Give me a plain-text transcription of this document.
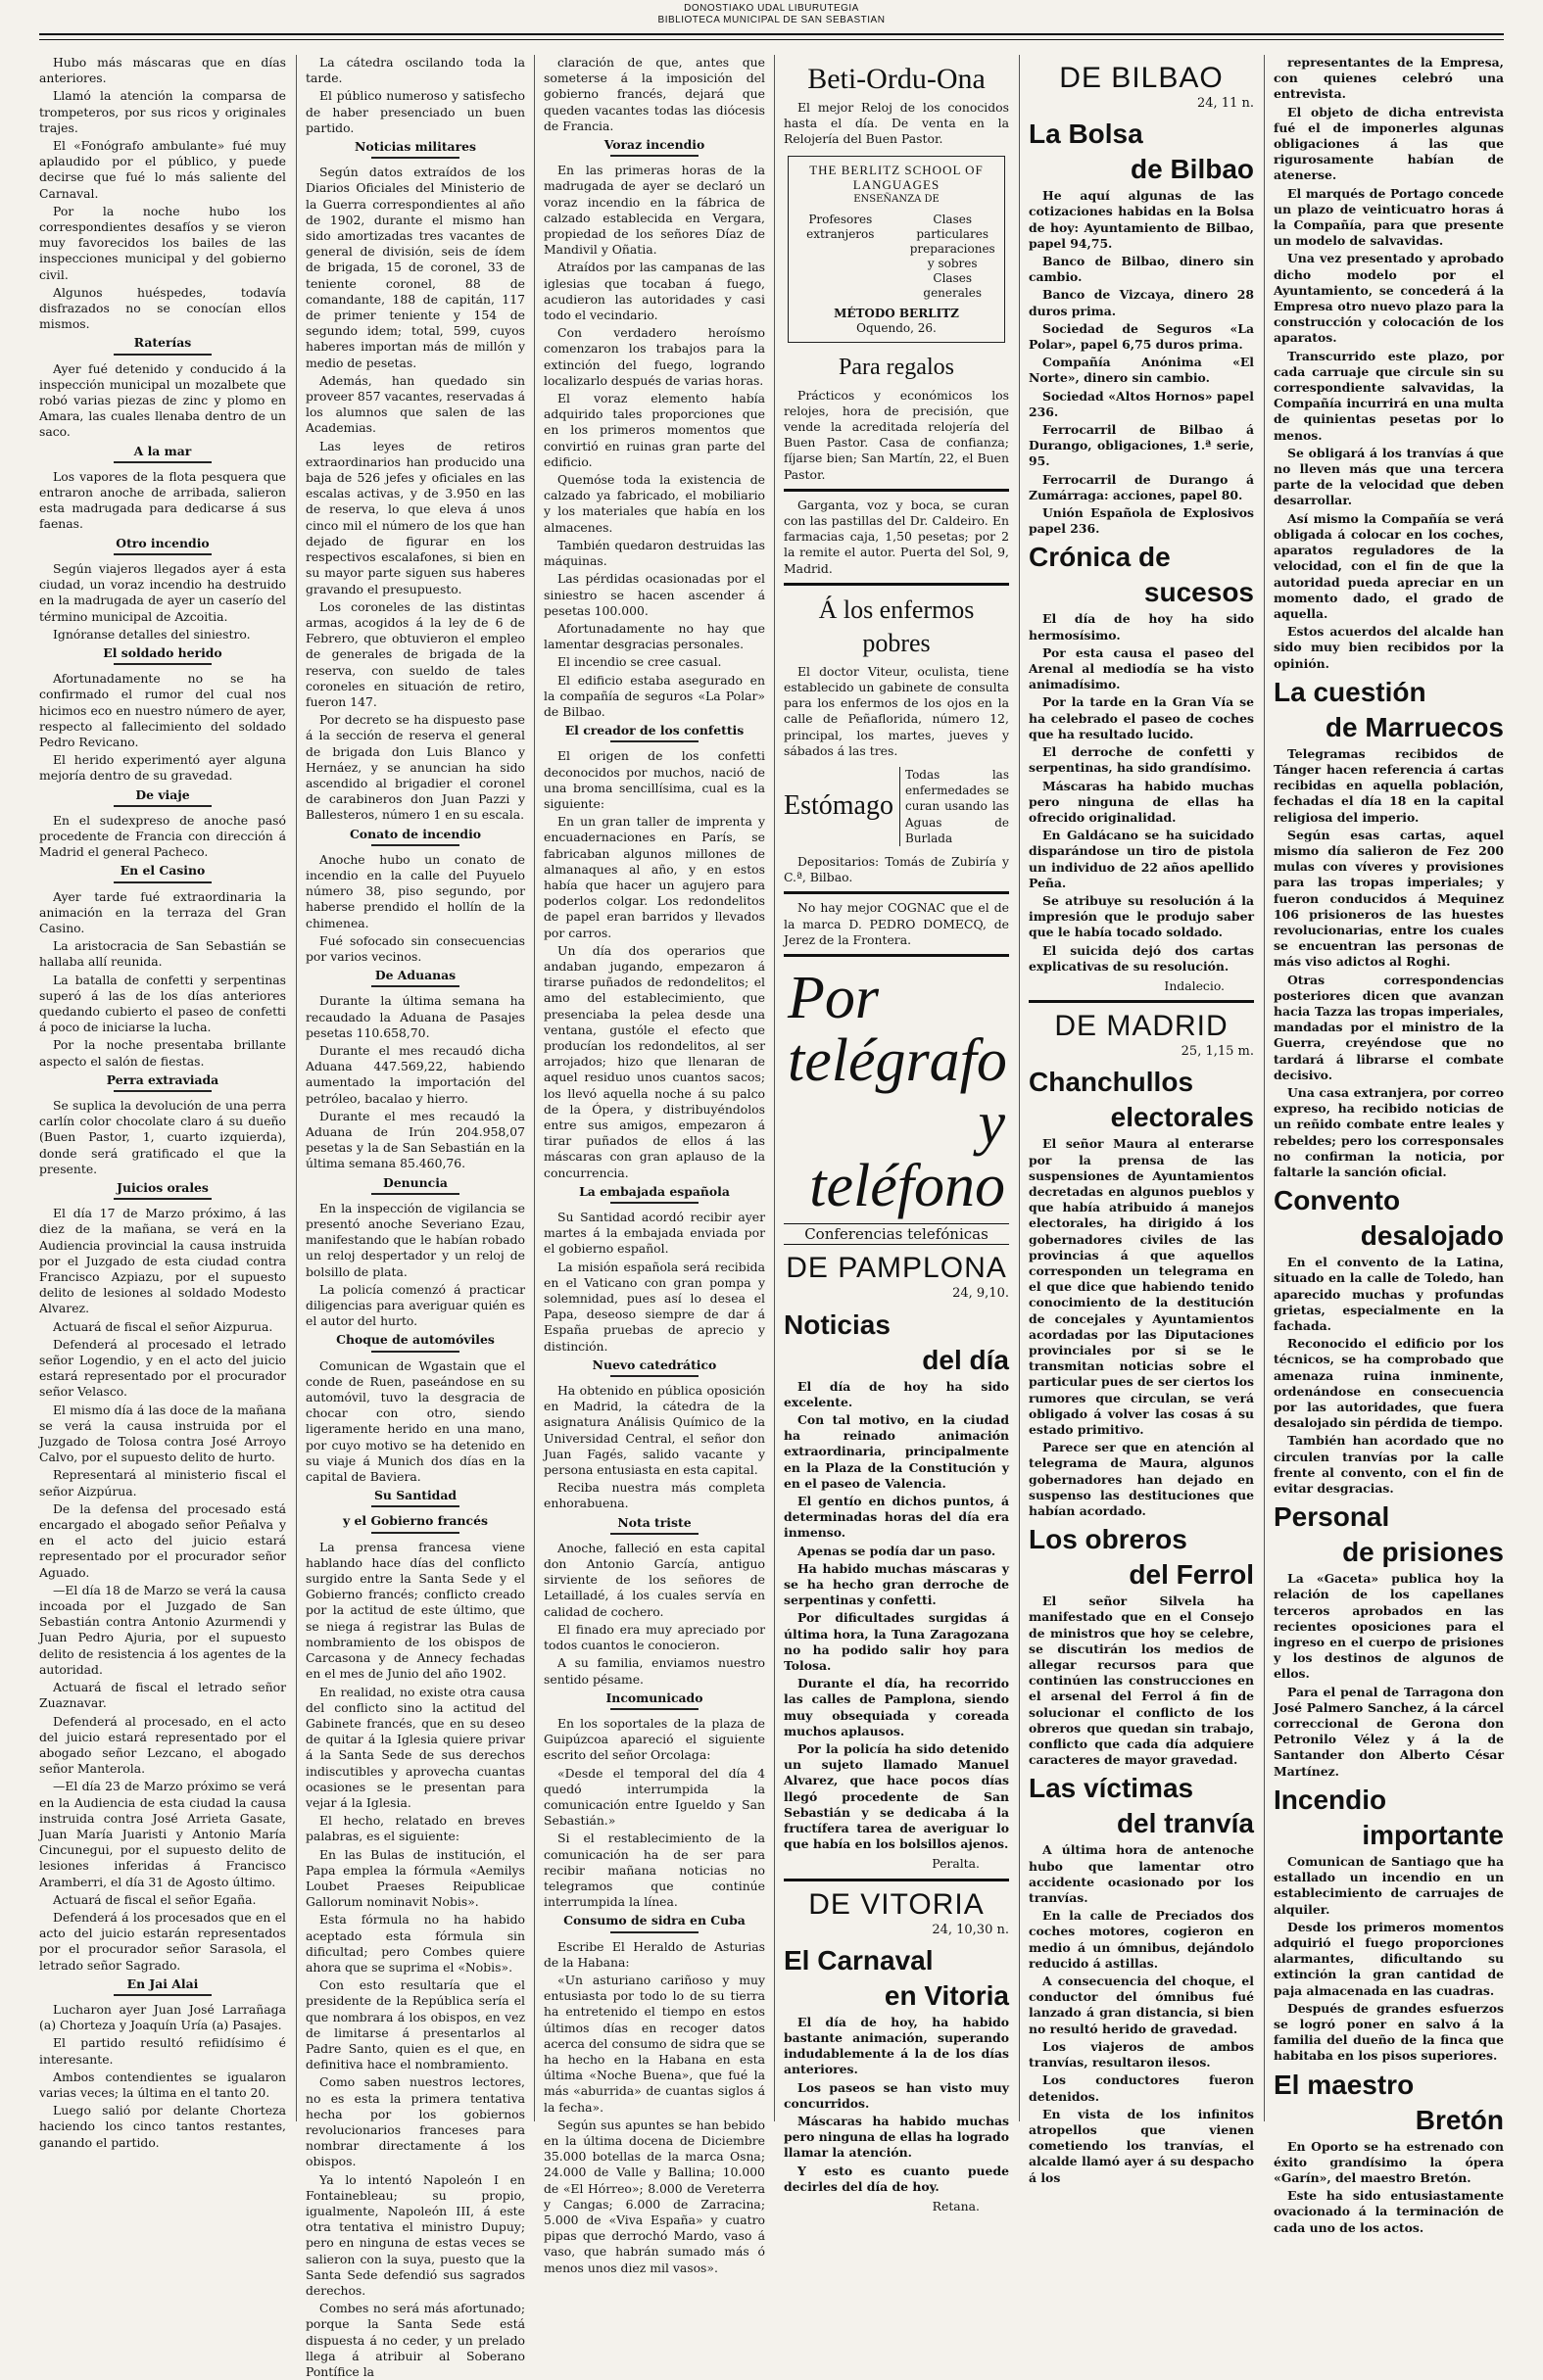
DONOSTIAKO UDAL LIBURUTEGIA
BIBLIOTECA MUNICIPAL DE SAN SEBASTIAN

Hubo más máscaras que en días anteriores.

Llamó la atención la comparsa de trompeteros, por sus ricos y originales trajes.

El «Fonógrafo ambulante» fué muy aplaudido por el público, y puede decirse que fué lo más saliente del Carnaval.

Por la noche hubo los correspondientes desafíos y se vieron muy favorecidos los bailes de las inspecciones municipal y del gobierno civil.

Algunos huéspedes, todavía disfrazados no se conocían ellos mismos.

Raterías

Ayer fué detenido y conducido á la inspección municipal un mozalbete que robó varias piezas de zinc y plomo en Amara, las cuales llenaba dentro de un saco.

A la mar

Los vapores de la flota pesquera que entraron anoche de arribada, salieron esta madrugada para dedicarse á sus faenas.

Otro incendio

Según viajeros llegados ayer á esta ciudad, un voraz incendio ha destruido en la madrugada de ayer un caserío del término municipal de Azcoitia.

Ignóranse detalles del siniestro.

El soldado herido

Afortunadamente no se ha confirmado el rumor del cual nos hicimos eco en nuestro número de ayer, respecto al fallecimiento del soldado Pedro Revicano.

El herido experimentó ayer alguna mejoría dentro de su gravedad.

De viaje

En el sudexpreso de anoche pasó procedente de Francia con dirección á Madrid el general Pacheco.

En el Casino

Ayer tarde fué extraordinaria la animación en la terraza del Gran Casino.

La aristocracia de San Sebastián se hallaba allí reunida.

La batalla de confetti y serpentinas superó á las de los días anteriores quedando cubierto el paseo de confetti á poco de iniciarse la lucha.

Por la noche presentaba brillante aspecto el salón de fiestas.

Perra extraviada

Se suplica la devolución de una perra carlín color chocolate claro á su dueño (Buen Pastor, 1, cuarto izquierda), donde será gratificado el que la presente.

Juicios orales

El día 17 de Marzo próximo, á las diez de la mañana, se verá en la Audiencia provincial la causa instruida por el Juzgado de esta ciudad contra Francisco Azpiazu, por el supuesto delito de lesiones al soldado Modesto Alvarez.

Actuará de fiscal el señor Aizpurua.

Defenderá al procesado el letrado señor Logendio, y en el acto del juicio estará representado por el procurador señor Velasco.

El mismo día á las doce de la mañana se verá la causa instruida por el Juzgado de Tolosa contra José Arroyo Calvo, por el supuesto delito de hurto.

Representará al ministerio fiscal el señor Aizpúrua.

De la defensa del procesado está encargado el abogado señor Peñalva y en el acto del juicio estará representado por el procurador señor Aguado.

—El día 18 de Marzo se verá la causa incoada por el Juzgado de San Sebastián contra Antonio Azurmendi y Juan Pedro Ajuria, por el supuesto delito de resistencia á los agentes de la autoridad.

Actuará de fiscal el letrado señor Zuaznavar.

Defenderá al procesado, en el acto del juicio estará representado por el abogado señor Lezcano, el abogado señor Manterola.

—El día 23 de Marzo próximo se verá en la Audiencia de esta ciudad la causa instruida contra José Arrieta Gasate, Juan María Juaristi y Antonio María Cincunegui, por el supuesto delito de lesiones inferidas á Francisco Aramberri, el día 31 de Agosto último.

Actuará de fiscal el señor Egaña.

Defenderá á los procesados que en el acto del juicio estarán representados por el procurador señor Sarasola, el letrado señor Sagrado.

En Jai Alai

Lucharon ayer Juan José Larrañaga (a) Chorteza y Joaquín Uría (a) Pasajes.

El partido resultó refiidísimo é interesante.

Ambos contendientes se igualaron varias veces; la última en el tanto 20.

Luego salió por delante Chorteza haciendo los cinco tantos restantes, ganando el partido.

La cátedra oscilando toda la tarde.

El público numeroso y satisfecho de haber presenciado un buen partido.

Noticias militares

Según datos extraídos de los Diarios Oficiales del Ministerio de la Guerra correspondientes al año de 1902, durante el mismo han sido amortizadas tres vacantes de general de división, seis de ídem de brigada, 15 de coronel, 33 de teniente coronel, 88 de comandante, 188 de capitán, 117 de primer teniente y 154 de segundo idem; total, 599, cuyos haberes importan más de millón y medio de pesetas.

Además, han quedado sin proveer 857 vacantes, reservadas á los alumnos que salen de las Academias.

Las leyes de retiros extraordinarios han producido una baja de 526 jefes y oficiales en las escalas activas, y de 3.950 en las de reserva, lo que eleva á unos cinco mil el número de los que han dejado de figurar en los respectivos escalafones, si bien en su mayor parte siguen sus haberes gravando el presupuesto.

Los coroneles de las distintas armas, acogidos á la ley de 6 de Febrero, que obtuvieron el empleo de generales de brigada de la reserva, con sueldo de tales coroneles en situación de retiro, fueron 147.

Por decreto se ha dispuesto pase á la sección de reserva el general de brigada don Luis Blanco y Hernáez, y se anuncian ha sido ascendido al brigadier el coronel de carabineros don Juan Pazzi y Ballesteros, número 1 en su escala.

Conato de incendio

Anoche hubo un conato de incendio en la calle del Puyuelo número 38, piso segundo, por haberse prendido el hollín de la chimenea.

Fué sofocado sin consecuencias por varios vecinos.

De Aduanas

Durante la última semana ha recaudado la Aduana de Pasajes pesetas 110.658,70.

Durante el mes recaudó dicha Aduana 447.569,22, habiendo aumentado la importación del petróleo, bacalao y hierro.

Durante el mes recaudó la Aduana de Irún 204.958,07 pesetas y la de San Sebastián en la última semana 85.460,76.

Denuncia

En la inspección de vigilancia se presentó anoche Severiano Ezau, manifestando que le habían robado un reloj despertador y un reloj de bolsillo de plata.

La policía comenzó á practicar diligencias para averiguar quién es el autor del hurto.

Choque de automóviles

Comunican de Wgastain que el conde de Ruen, paseándose en su automóvil, tuvo la desgracia de chocar con otro, siendo ligeramente herido en una mano, por cuyo motivo se ha detenido en su viaje á Munich dos días en la capital de Baviera.

Su Santidad
y el Gobierno francés

La prensa francesa viene hablando hace días del conflicto surgido entre la Santa Sede y el Gobierno francés; conflicto creado por la actitud de este último, que se niega á registrar las Bulas de nombramiento de los obispos de Carcasona y de Annecy fechadas en el mes de Junio del año 1902.

En realidad, no existe otra causa del conflicto sino la actitud del Gabinete francés, que en su deseo de quitar á la Iglesia quiere privar á la Santa Sede de sus derechos indiscutibles y aprovecha cuantas ocasiones se le presentan para vejar á la Iglesia.

El hecho, relatado en breves palabras, es el siguiente:

En las Bulas de institución, el Papa emplea la fórmula «Aemilys Loubet Praeses Reipublicae Gallorum nominavit Nobis».

Esta fórmula no ha habido aceptado esta fórmula sin dificultad; pero Combes quiere ahora que se suprima el «Nobis».

Con esto resultaría que el presidente de la República sería el que nombrara á los obispos, en vez de limitarse á presentarlos al Padre Santo, quien es el que, en definitiva hace el nombramiento.

Como saben nuestros lectores, no es esta la primera tentativa hecha por los gobiernos revolucionarios franceses para nombrar directamente á los obispos.

Ya lo intentó Napoleón I en Fontainebleau; su propio, igualmente, Napoleón III, á este otra tentativa el ministro Dupuy; pero en ninguna de estas veces se salieron con la suya, puesto que la Santa Sede defendió sus sagrados derechos.

Combes no será más afortunado; porque la Santa Sede está dispuesta á no ceder, y un prelado llega á atribuir al Soberano Pontífice la

claración de que, antes que someterse á la imposición del gobierno francés, dejará que queden vacantes todas las diócesis de Francia.

Voraz incendio

En las primeras horas de la madrugada de ayer se declaró un voraz incendio en la fábrica de calzado establecida en Vergara, propiedad de los señores Díaz de Mandivil y Oñatia.

Atraídos por las campanas de las iglesias que tocaban á fuego, acudieron las autoridades y casi todo el vecindario.

Con verdadero heroísmo comenzaron los trabajos para la extinción del fuego, logrando localizarlo después de varias horas.

El voraz elemento había adquirido tales proporciones que en los primeros momentos que convirtió en ruinas gran parte del edificio.

Quemóse toda la existencia de calzado ya fabricado, el mobiliario y los materiales que había en los almacenes.

También quedaron destruidas las máquinas.

Las pérdidas ocasionadas por el siniestro se hacen ascender á pesetas 100.000.

Afortunadamente no hay que lamentar desgracias personales.

El incendio se cree casual.

El edificio estaba asegurado en la compañía de seguros «La Polar» de Bilbao.

El creador de los confettis

El origen de los confetti deconocidos por muchos, nació de una broma sencillísima, cual es la siguiente:

En un gran taller de imprenta y encuadernaciones en París, se fabricaban algunos millones de almanaques al año, y en estos había que hacer un agujero para poderlos colgar. Los redondelitos de papel eran barridos y llevados por carros.

Un día dos operarios que andaban jugando, empezaron á tirarse puñados de redondelitos; el amo del establecimiento, que presenciaba la pelea desde una ventana, gustóle el efecto que producían los redondelitos, al ser arrojados; hizo que llenaran de aquel residuo unos cuantos sacos; los llevó aquella noche á su palco de la Ópera, y distribuyéndolos entre sus amigos, empezaron á tirar puñados de ellos á las máscaras con gran aplauso de la concurrencia.

La embajada española

Su Santidad acordó recibir ayer martes á la embajada enviada por el gobierno español.

La misión española será recibida en el Vaticano con gran pompa y solemnidad, pues así lo desea el Papa, deseoso siempre de dar á España pruebas de aprecio y distinción.

Nuevo catedrático

Ha obtenido en pública oposición en Madrid, la cátedra de la asignatura Análisis Químico de la Universidad Central, el señor don Juan Fagés, salido vacante y persona entusiasta en esta capital.

Reciba nuestra más completa enhorabuena.

Nota triste

Anoche, falleció en esta capital don Antonio García, antiguo sirviente de los señores de Letailladé, á los cuales servía en calidad de cochero.

El finado era muy apreciado por todos cuantos le conocieron.

A su familia, enviamos nuestro sentido pésame.

Incomunicado

En los soportales de la plaza de Guipúzcoa apareció el siguiente escrito del señor Orcolaga:

«Desde el temporal del día 4 quedó interrumpida la comunicación entre Igueldo y San Sebastián.»

Si el restablecimiento de la comunicación ha de ser para recibir mañana noticias no telegramos que continúe interrumpida la línea.

Consumo de sidra en Cuba

Escribe El Heraldo de Asturias de la Habana:

«Un asturiano cariñoso y muy entusiasta por todo lo de su tierra ha entretenido el tiempo en estos últimos días en recoger datos acerca del consumo de sidra que se ha hecho en la Habana en esta última «Noche Buena», que fué la más «aburrida» de cuantas siglos á la fecha».

Según sus apuntes se han bebido en la última docena de Diciembre 35.000 botellas de la marca Osna; 24.000 de Valle y Ballina; 10.000 de «El Hórreo»; 8.000 de Vereterra y Cangas; 6.000 de Zarracina; 5.000 de «Viva España» y cuatro pipas que derrochó Mardo, vaso á vaso, que habrán sumado más ó menos unos diez mil vasos».

Beti-Ordu-Ona

El mejor Reloj de los conocidos hasta el día. De venta en la Relojería del Buen Pastor.

THE BERLITZ SCHOOL OF LANGUAGES
ENSEÑANZA DE
Profesores extranjeros
Clases particulares preparaciones y sobres Clases generales
MÉTODO BERLITZ
Oquendo, 26.
Para regalos

Prácticos y económicos los relojes, hora de precisión, que vende la acreditada relojería del Buen Pastor. Casa de confianza; fíjarse bien; San Martín, 22, el Buen Pastor.

Garganta, voz y boca, se curan con las pastillas del Dr. Caldeiro. En farmacias caja, 1,50 pesetas; por 2 la remite el autor. Puerta del Sol, 9, Madrid.

Á los enfermos pobres

El doctor Viteur, oculista, tiene establecido un gabinete de consulta para los enfermos de los ojos en la calle de Peñaflorida, número 12, principal, los martes, jueves y sábados á las tres.

Estómago
Todas las enfermedades se curan usando las Aguas de Burlada

Depositarios: Tomás de Zubiría y C.ª, Bilbao.

No hay mejor COGNAC que el de la marca D. PEDRO DOMECQ, de Jerez de la Frontera.

Por telégrafo
y teléfono
Conferencias telefónicas
DE PAMPLONA
24, 9,10.
Noticias
del día

El día de hoy ha sido excelente.

Con tal motivo, en la ciudad ha reinado animación extraordinaria, principalmente en la Plaza de la Constitución y en el paseo de Valencia.

El gentío en dichos puntos, á determinadas horas del día era inmenso.

Apenas se podía dar un paso.

Ha habido muchas máscaras y se ha hecho gran derroche de serpentinas y confetti.

Por dificultades surgidas á última hora, la Tuna Zaragozana no ha podido salir hoy para Tolosa.

Durante el día, ha recorrido las calles de Pamplona, siendo muy obsequiada y coreada muchos aplausos.

Por la policía ha sido detenido un sujeto llamado Manuel Alvarez, que hace pocos días llegó procedente de San Sebastián y se dedicaba á la fructífera tarea de averiguar lo que había en los bolsillos ajenos.

Peralta.
DE VITORIA
24, 10,30 n.
El Carnaval
en Vitoria

El día de hoy, ha habido bastante animación, superando indudablemente á la de los días anteriores.

Los paseos se han visto muy concurridos.

Máscaras ha habido muchas pero ninguna de ellas ha logrado llamar la atención.

Y esto es cuanto puede decirles del día de hoy.

Retana.
DE BILBAO
24, 11 n.
La Bolsa
de Bilbao

He aquí algunas de las cotizaciones habidas en la Bolsa de hoy: Ayuntamiento de Bilbao, papel 94,75.

Banco de Bilbao, dinero sin cambio.

Banco de Vizcaya, dinero 28 duros prima.

Sociedad de Seguros «La Polar», papel 6,75 duros prima.

Compañía Anónima «El Norte», dinero sin cambio.

Sociedad «Altos Hornos» papel 236.

Ferrocarril de Bilbao á Durango, obligaciones, 1.ª serie, 95.

Ferrocarril de Durango á Zumárraga: acciones, papel 80.

Unión Española de Explosivos papel 236.

Crónica de
sucesos

El día de hoy ha sido hermosísimo.

Por esta causa el paseo del Arenal al mediodía se ha visto animadísimo.

Por la tarde en la Gran Vía se ha celebrado el paseo de coches que ha resultado lucido.

El derroche de confetti y serpentinas, ha sido grandísimo.

Máscaras ha habido muchas pero ninguna de ellas ha ofrecido originalidad.

En Galdácano se ha suicidado disparándose un tiro de pistola un individuo de 22 años apellido Peña.

Se atribuye su resolución á la impresión que le produjo saber que le había tocado soldado.

El suicida dejó dos cartas explicativas de su resolución.

Indalecio.
DE MADRID
25, 1,15 m.
Chanchullos
electorales

El señor Maura al enterarse por la prensa de las suspensiones de Ayuntamientos decretadas en algunos pueblos y que había atribuido á manejos electorales, ha dirigido á los gobernadores civiles de las provincias á que aquellos corresponden un telegrama en el que dice que habiendo tenido conocimiento de la destitución de concejales y Ayuntamientos acordadas por las Diputaciones provinciales por si se le transmitan noticias sobre el particular pues de ser ciertos los rumores que circulan, se verá obligado á volver las cosas á su estado primitivo.

Parece ser que en atención al telegrama de Maura, algunos gobernadores han dejado en suspenso las destituciones que habían acordado.

Los obreros
del Ferrol

El señor Silvela ha manifestado que en el Consejo de ministros que hoy se celebre, se discutirán los medios de allegar recursos para que continúen las construcciones en el arsenal del Ferrol á fin de solucionar el conflicto de los obreros que quedan sin trabajo, conflicto que cada día adquiere caracteres de mayor gravedad.

Las víctimas
del tranvía

A última hora de antenoche hubo que lamentar otro accidente ocasionado por los tranvías.

En la calle de Preciados dos coches motores, cogieron en medio á un ómnibus, dejándolo reducido á astillas.

A consecuencia del choque, el conductor del ómnibus fué lanzado á gran distancia, si bien no resultó herido de gravedad.

Los viajeros de ambos tranvías, resultaron ilesos.

Los conductores fueron detenidos.

En vista de los infinitos atropellos que vienen cometiendo los tranvías, el alcalde llamó ayer á su despacho á los

representantes de la Empresa, con quienes celebró una entrevista.

El objeto de dicha entrevista fué el de imponerles algunas obligaciones á las que rigurosamente habían de atenerse.

El marqués de Portago concede un plazo de veinticuatro horas á la Compañía, para que presente un modelo de salvavidas.

Una vez presentado y aprobado dicho modelo por el Ayuntamiento, se concederá á la Empresa otro nuevo plazo para la construcción y colocación de los aparatos.

Transcurrido este plazo, por cada carruaje que circule sin su correspondiente salvavidas, la Compañía incurrirá en una multa de quinientas pesetas por lo menos.

Se obligará á los tranvías á que no lleven más que una tercera parte de la velocidad que deben desarrollar.

Así mismo la Compañía se verá obligada á colocar en los coches, aparatos reguladores de la velocidad, con el fin de que la autoridad pueda apreciar en un momento dado, el grado de aquella.

Estos acuerdos del alcalde han sido muy bien recibidos por la opinión.

La cuestión
de Marruecos

Telegramas recibidos de Tánger hacen referencia á cartas recibidas en aquella población, fechadas el día 18 en la capital religiosa del imperio.

Según esas cartas, aquel mismo día salieron de Fez 200 mulas con víveres y provisiones para las tropas imperiales; y fueron conducidos á Mequinez 106 prisioneros de las huestes revolucionarias, entre los cuales se encuentran las personas de más viso adictos al Roghi.

Otras correspondencias posteriores dicen que avanzan hacia Tazza las tropas imperiales, mandadas por el ministro de la Guerra, creyéndose que no tardará á librarse el combate decisivo.

Una casa extranjera, por correo expreso, ha recibido noticias de un reñido combate entre leales y rebeldes; pero los corresponsales no confirman la noticia, por faltarle la sanción oficial.

Convento
desalojado

En el convento de la Latina, situado en la calle de Toledo, han aparecido muchas y profundas grietas, especialmente en la fachada.

Reconocido el edificio por los técnicos, se ha comprobado que amenaza ruina inminente, ordenándose en consecuencia por las autoridades, que fuera desalojado sin pérdida de tiempo.

También han acordado que no circulen tranvías por la calle frente al convento, con el fin de evitar desgracias.

Personal
de prisiones

La «Gaceta» publica hoy la relación de los capellanes terceros aprobados en las recientes oposiciones para el ingreso en el cuerpo de prisiones y los destinos de algunos de ellos.

Para el penal de Tarragona don José Palmero Sanchez, á la cárcel correccional de Gerona don Petronilo Vélez y á la de Santander don Alberto César Martínez.

Incendio
importante

Comunican de Santiago que ha estallado un incendio en un establecimiento de carruajes de alquiler.

Desde los primeros momentos adquirió el fuego proporciones alarmantes, dificultando su extinción la gran cantidad de paja almacenada en las cuadras.

Después de grandes esfuerzos se logró poner en salvo á la familia del dueño de la finca que habitaba en los pisos superiores.

El maestro
Bretón

En Oporto se ha estrenado con éxito grandísimo la ópera «Garín», del maestro Bretón.

Este ha sido entusiastamente ovacionado á la terminación de cada uno de los actos.
